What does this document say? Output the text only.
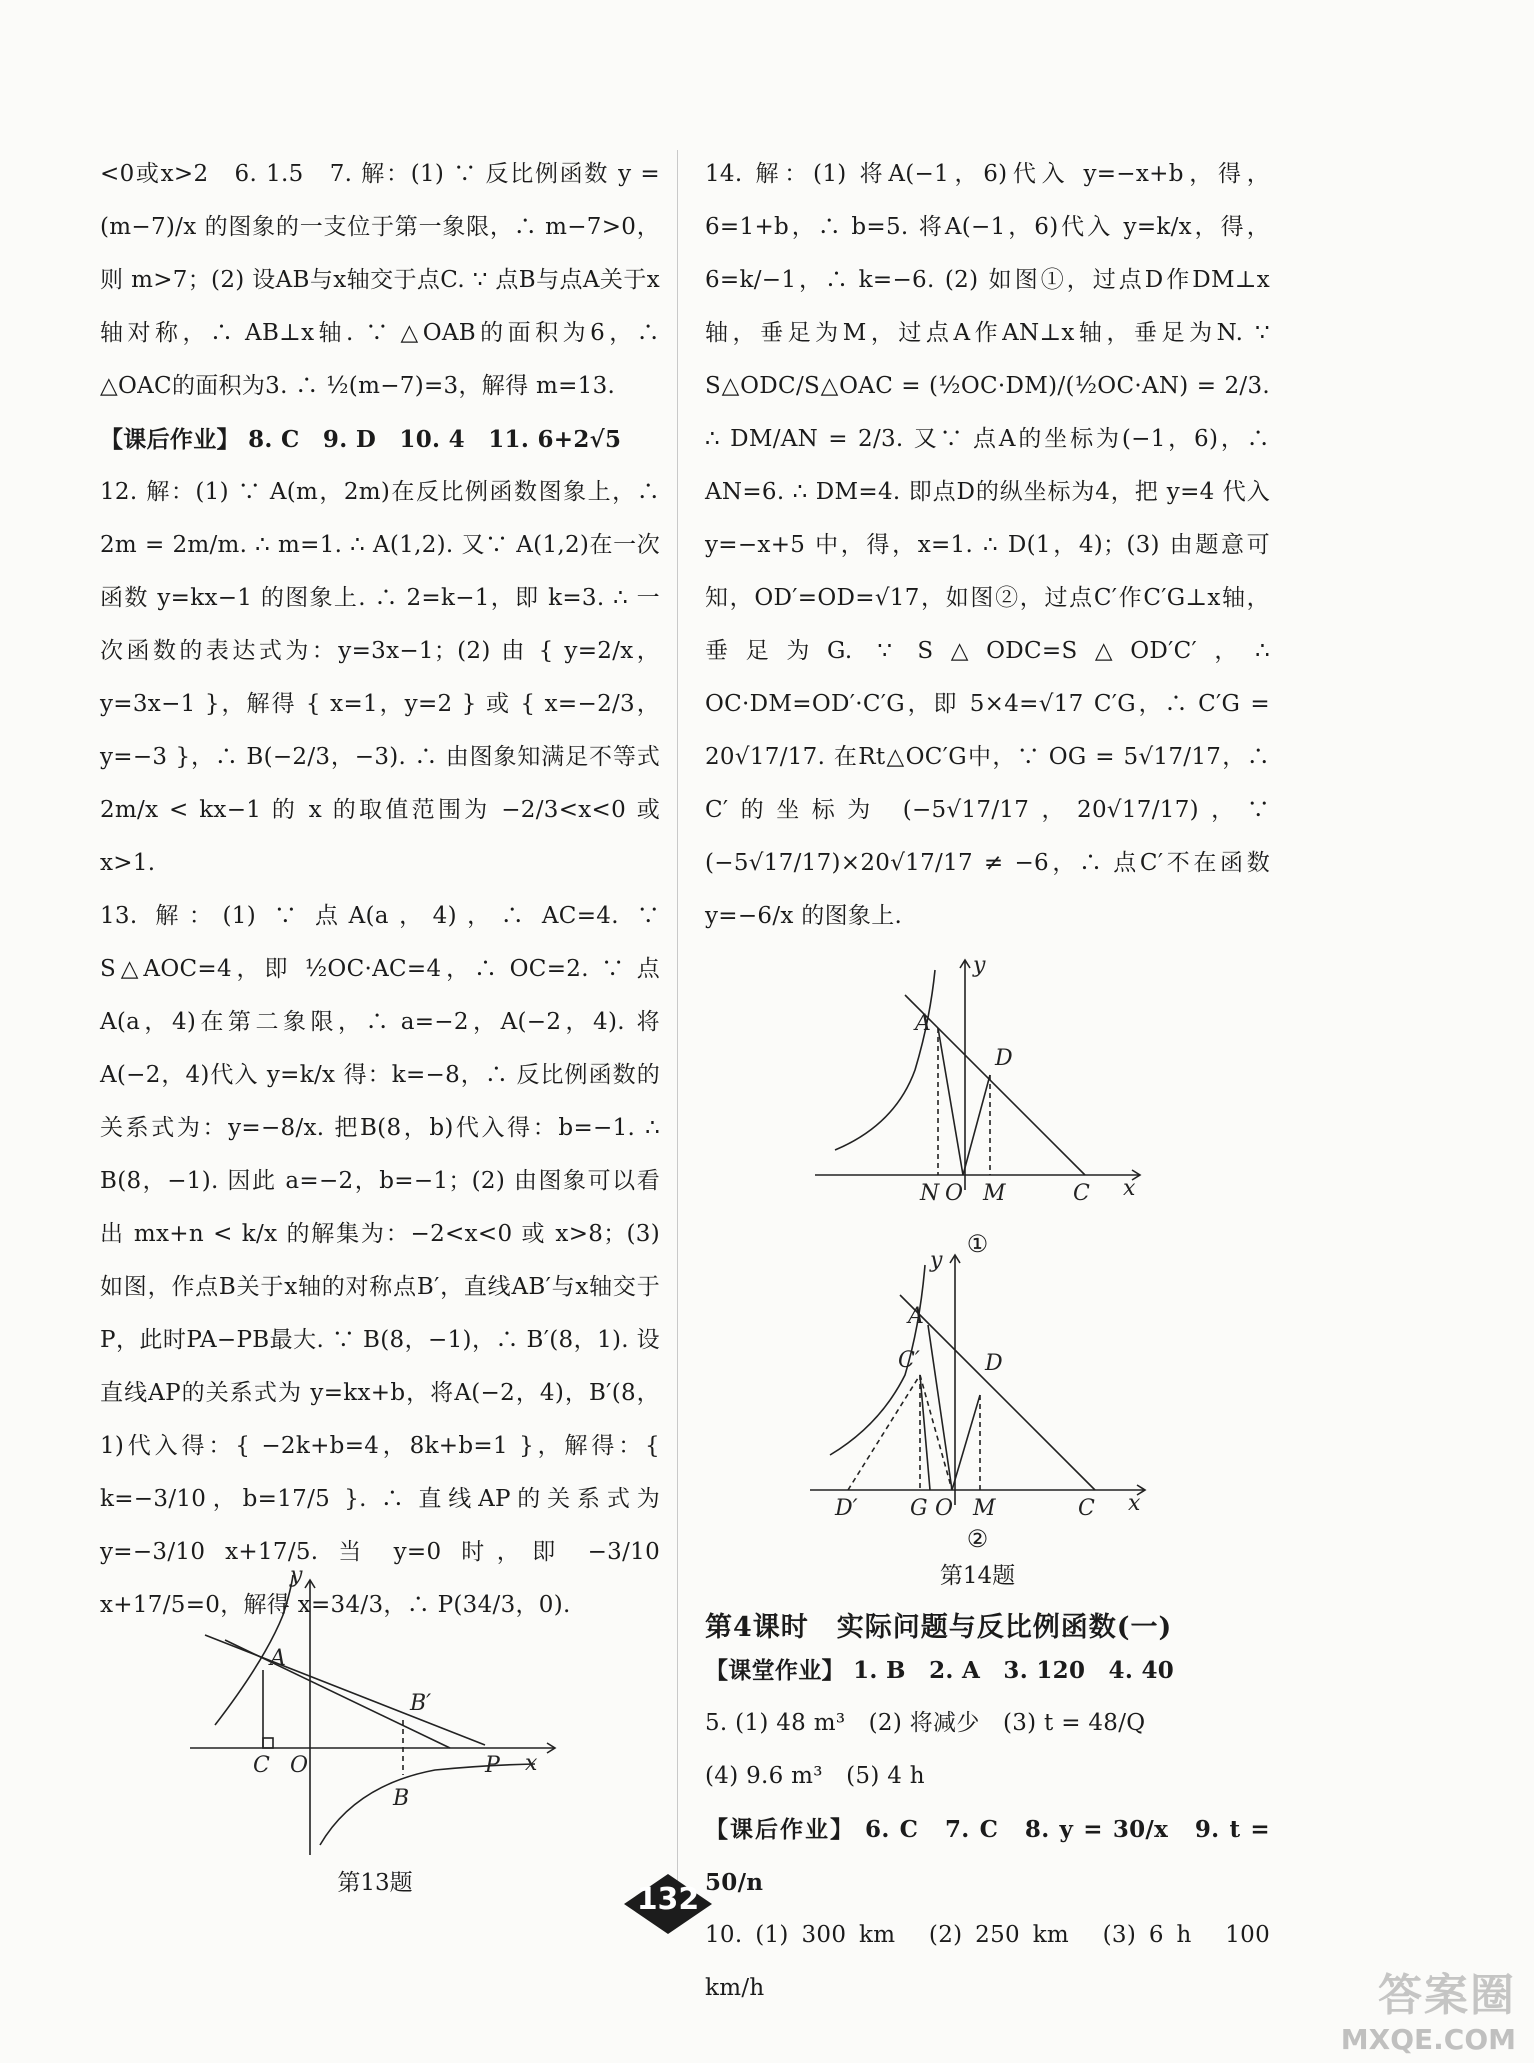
<0或x>2　6. 1.5　7. 解：(1) ∵ 反比例函数 y = (m−7)/x 的图象的一支位于第一象限，∴ m−7>0，则 m>7；(2) 设AB与x轴交于点C. ∵ 点B与点A关于x轴对称，∴ AB⊥x轴. ∵ △OAB的面积为6，∴ △OAC的面积为3. ∴ ½(m−7)=3，解得 m=13.

【课后作业】 8. C　9. D　10. 4　11. 6+2√5

12. 解：(1) ∵ A(m，2m)在反比例函数图象上，∴ 2m = 2m/m. ∴ m=1. ∴ A(1,2). 又∵ A(1,2)在一次函数 y=kx−1 的图象上. ∴ 2=k−1，即 k=3. ∴ 一次函数的表达式为：y=3x−1；(2) 由 { y=2/x，y=3x−1 }，解得 { x=1，y=2 } 或 { x=−2/3，y=−3 }，∴ B(−2/3，−3). ∴ 由图象知满足不等式 2m/x < kx−1 的 x 的取值范围为 −2/3<x<0 或 x>1.

13. 解：(1) ∵ 点A(a，4)，∴ AC=4. ∵ S△AOC=4，即 ½OC·AC=4，∴ OC=2. ∵ 点A(a，4)在第二象限，∴ a=−2，A(−2，4). 将A(−2，4)代入 y=k/x 得：k=−8，∴ 反比例函数的关系式为：y=−8/x. 把B(8，b)代入得：b=−1. ∴ B(8，−1). 因此 a=−2，b=−1；(2) 由图象可以看出 mx+n < k/x 的解集为：−2<x<0 或 x>8；(3) 如图，作点B关于x轴的对称点B′，直线AB′与x轴交于P，此时PA−PB最大. ∵ B(8，−1)，∴ B′(8，1). 设直线AP的关系式为 y=kx+b，将A(−2，4)，B′(8，1)代入得：{ −2k+b=4，8k+b=1 }，解得：{ k=−3/10，b=17/5 }. ∴ 直线AP的关系式为 y=−3/10 x+17/5. 当 y=0 时，即 −3/10 x+17/5=0，解得 x=34/3，∴ P(34/3，0).

y
x
A
B′
B
C O	P
第13题

14. 解：(1) 将A(−1，6)代入 y=−x+b，得，6=1+b，∴ b=5. 将A(−1，6)代入 y=k/x，得，6=k/−1，∴ k=−6. (2) 如图①，过点D作DM⊥x轴，垂足为M，过点A作AN⊥x轴，垂足为N. ∵ S△ODC/S△OAC = (½OC·DM)/(½OC·AN) = 2/3. ∴ DM/AN = 2/3. 又∵ 点A的坐标为(−1，6)，∴ AN=6. ∴ DM=4. 即点D的纵坐标为4，把 y=4 代入 y=−x+5 中，得，x=1. ∴ D(1，4)；(3) 由题意可知，OD′=OD=√17，如图②，过点C′作C′G⊥x轴，垂足为G. ∵ S△ODC=S△OD′C′，∴ OC·DM=OD′·C′G，即 5×4=√17 C′G，∴ C′G = 20√17/17. 在Rt△OC′G中，∵ OG = 5√17/17，∴ C′的坐标为 (−5√17/17，20√17/17)，∵ (−5√17/17)×20√17/17 ≠ −6，∴ 点C′不在函数 y=−6/x 的图象上.

y
x
A
D
N O M	C
①
y
x
A
C′	D
D′ G O M	C
②
第14题

第4课时　实际问题与反比例函数(一)

【课堂作业】 1. B　2. A　3. 120　4. 40

5. (1) 48 m³　(2) 将减少　(3) t = 48/Q

(4) 9.6 m³　(5) 4 h

【课后作业】 6. C　7. C　8. y = 30/x　9. t = 50/n

10. (1) 300 km　(2) 250 km　(3) 6 h　100 km/h

132
答案圈
MXQE.COM
